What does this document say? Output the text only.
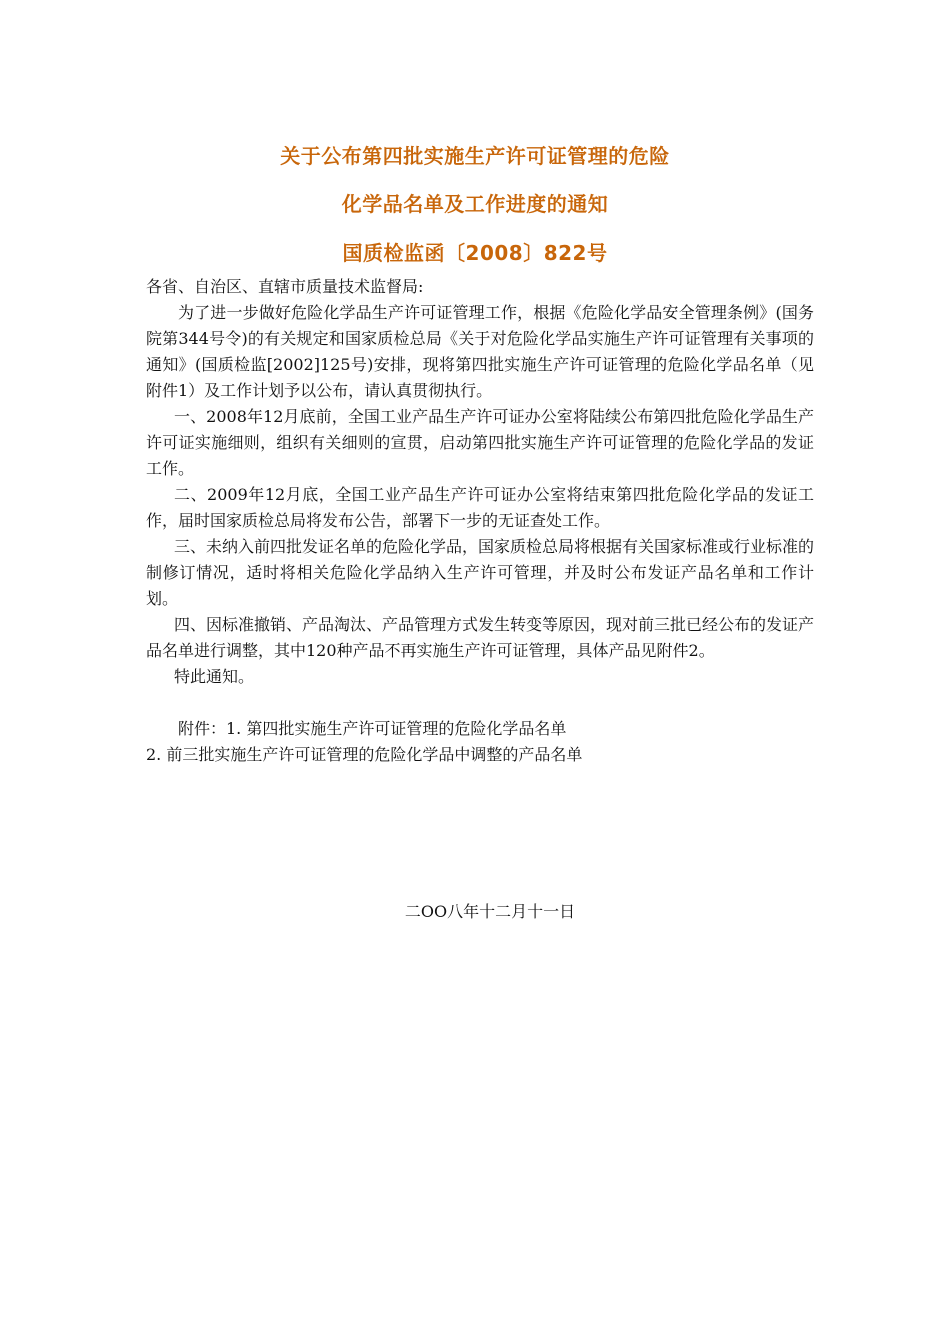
关于公布第四批实施生产许可证管理的危险
化学品名单及工作进度的通知
国质检监函〔2008〕822号

各省、自治区、直辖市质量技术监督局:

为了进一步做好危险化学品生产许可证管理工作，根据《危险化学品安全管理条例》(国务院第344号令)的有关规定和国家质检总局《关于对危险化学品实施生产许可证管理有关事项的通知》(国质检监[2002]125号)安排，现将第四批实施生产许可证管理的危险化学品名单（见附件1）及工作计划予以公布，请认真贯彻执行。

一、2008年12月底前，全国工业产品生产许可证办公室将陆续公布第四批危险化学品生产许可证实施细则，组织有关细则的宣贯，启动第四批实施生产许可证管理的危险化学品的发证工作。

二、2009年12月底，全国工业产品生产许可证办公室将结束第四批危险化学品的发证工作，届时国家质检总局将发布公告，部署下一步的无证查处工作。

三、未纳入前四批发证名单的危险化学品，国家质检总局将根据有关国家标准或行业标准的制修订情况，适时将相关危险化学品纳入生产许可管理，并及时公布发证产品名单和工作计划。

四、因标准撤销、产品淘汰、产品管理方式发生转变等原因，现对前三批已经公布的发证产品名单进行调整，其中120种产品不再实施生产许可证管理，具体产品见附件2。

特此通知。

附件：1. 第四批实施生产许可证管理的危险化学品名单

2. 前三批实施生产许可证管理的危险化学品中调整的产品名单

二OO八年十二月十一日
